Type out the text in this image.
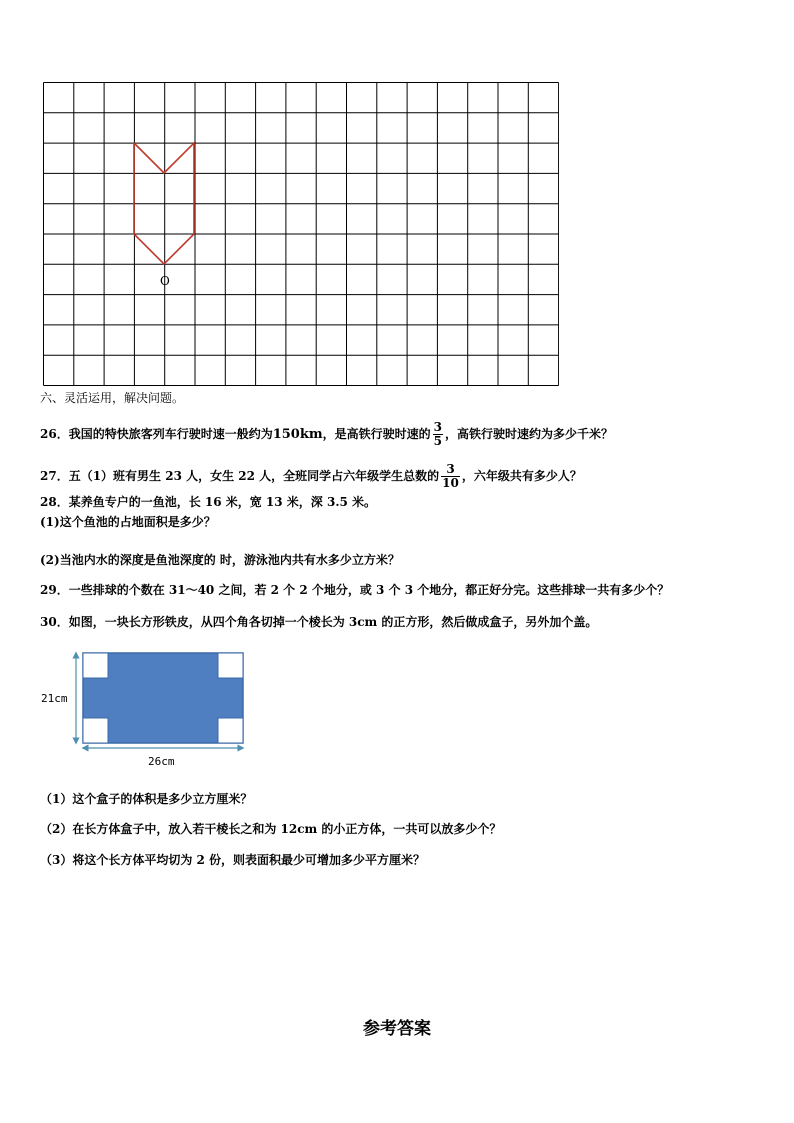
O
六、灵活运用，解决问题。
26．我国的特快旅客列车行驶时速一般约为150km，是高铁行驶时速的 $\frac{3}{5}$ ，高铁行驶时速约为多少千米？
27．五（1）班有男生 23 人，女生 22 人，全班同学占六年级学生总数的 $\frac{3}{10}$ ，六年级共有多少人？
28．某养鱼专户的一鱼池，长 16 米，宽 13 米，深 3.5 米。
(1)这个鱼池的占地面积是多少？
(2)当池内水的深度是鱼池深度的 时，游泳池内共有水多少立方米？
29．一些排球的个数在 31～40 之间，若 2 个 2 个地分，或 3 个 3 个地分，都正好分完。这些排球一共有多少个？
30．如图，一块长方形铁皮，从四个角各切掉一个棱长为 3cm 的正方形，然后做成盒子，另外加个盖。
21cm
26cm
（1）这个盒子的体积是多少立方厘米？
（2）在长方体盒子中，放入若干棱长之和为 12cm 的小正方体，一共可以放多少个？
（3）将这个长方体平均切为 2 份，则表面积最少可增加多少平方厘米？
参考答案
